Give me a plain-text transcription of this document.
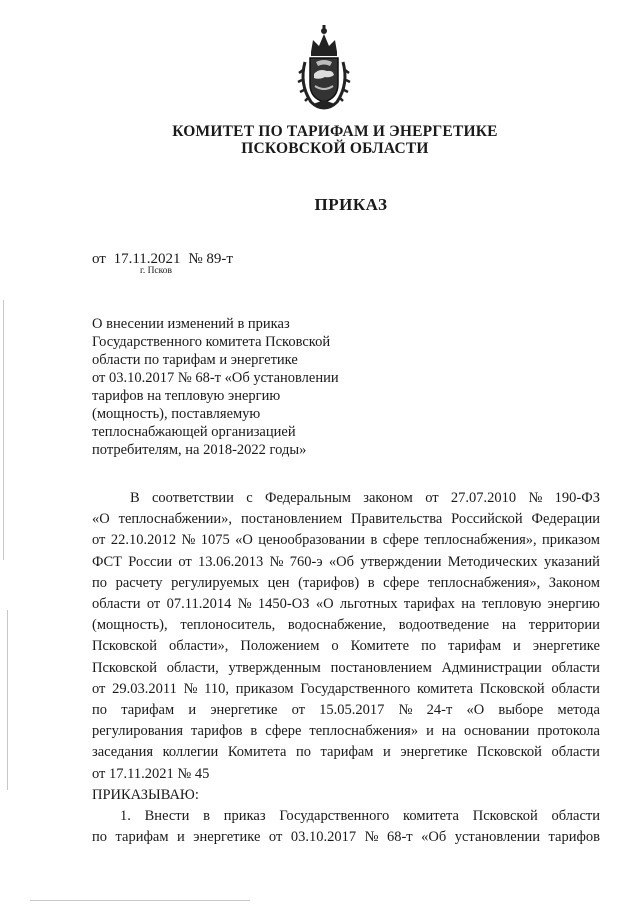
КОМИТЕТ ПО ТАРИФАМ И ЭНЕРГЕТИКЕ
ПСКОВСКОЙ ОБЛАСТИ
ПРИКАЗ
от 17.11.2021 № 89-т
г. Псков
О внесении изменений в приказ
Государственного комитета Псковской
области по тарифам и энергетике
от 03.10.2017 № 68-т «Об установлении
тарифов на тепловую энергию
(мощность), поставляемую
теплоснабжающей организацией
потребителям, на 2018-2022 годы»
В соответствии с Федеральным законом от 27.07.2010 № 190-ФЗ
«О теплоснабжении», постановлением Правительства Российской Федерации
от 22.10.2012 № 1075 «О ценообразовании в сфере теплоснабжения», приказом
ФСТ России от 13.06.2013 № 760-э «Об утверждении Методических указаний
по расчету регулируемых цен (тарифов) в сфере теплоснабжения», Законом
области от 07.11.2014 № 1450-ОЗ «О льготных тарифах на тепловую энергию
(мощность), теплоноситель, водоснабжение, водоотведение на территории
Псковской области», Положением о Комитете по тарифам и энергетике
Псковской области, утвержденным постановлением Администрации области
от 29.03.2011 № 110, приказом Государственного комитета Псковской области
по тарифам и энергетике от 15.05.2017 № 24-т «О выборе метода
регулирования тарифов в сфере теплоснабжения» и на основании протокола
заседания коллегии Комитета по тарифам и энергетике Псковской области
от 17.11.2021 № 45
ПРИКАЗЫВАЮ:
1. Внести в приказ Государственного комитета Псковской области
по тарифам и энергетике от 03.10.2017 № 68-т «Об установлении тарифов
